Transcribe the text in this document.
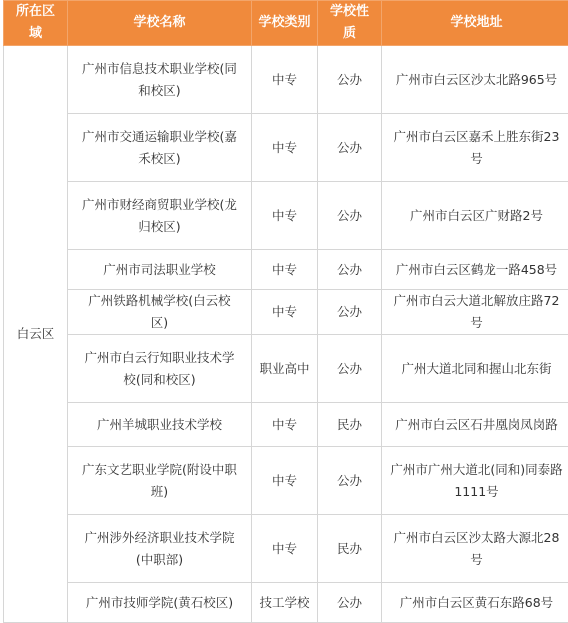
所在区域	学校名称	学校类别	学校性质	学校地址
白云区	广州市信息技术职业学校(同和校区)	中专	公办	广州市白云区沙太北路965号
	广州市交通运输职业学校(嘉禾校区)	中专	公办	广州市白云区嘉禾上胜东街23号
	广州市财经商贸职业学校(龙归校区)	中专	公办	广州市白云区广财路2号
	广州市司法职业学校	中专	公办	广州市白云区鹤龙一路458号
	广州铁路机械学校(白云校区)	中专	公办	广州市白云大道北解放庄路72号
	广州市白云行知职业技术学校(同和校区)	职业高中	公办	广州大道北同和握山北东街
	广州羊城职业技术学校	中专	民办	广州市白云区石井凰岗凤岗路
	广东文艺职业学院(附设中职班)	中专	公办	广州市广州大道北(同和)同泰路1111号
	广州涉外经济职业技术学院(中职部)	中专	民办	广州市白云区沙太路大源北28号
	广州市技师学院(黄石校区)	技工学校	公办	广州市白云区黄石东路68号
